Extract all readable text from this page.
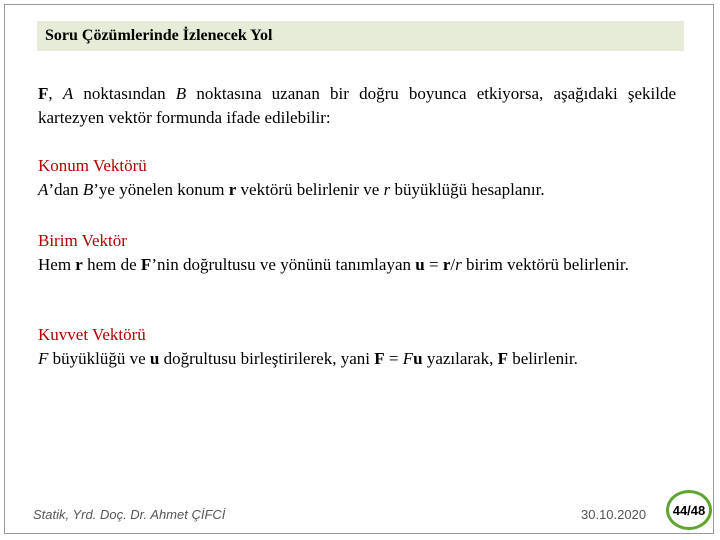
Soru Çözümlerinde İzlenecek Yol
F, A noktasından B noktasına uzanan bir doğru boyunca etkiyorsa, aşağıdaki şekilde kartezyen vektör formunda ifade edilebilir:
Konum Vektörü
A’dan B’ye yönelen konum r vektörü belirlenir ve r büyüklüğü hesaplanır.
Birim Vektör
Hem r hem de F’nin doğrultusu ve yönünü tanımlayan u = r/r birim vektörü belirlenir.
Kuvvet Vektörü
F büyüklüğü ve u doğrultusu birleştirilerek, yani F = Fu yazılarak, F belirlenir.
Statik, Yrd. Doç. Dr. Ahmet ÇİFCİ	30.10.2020 44/48
